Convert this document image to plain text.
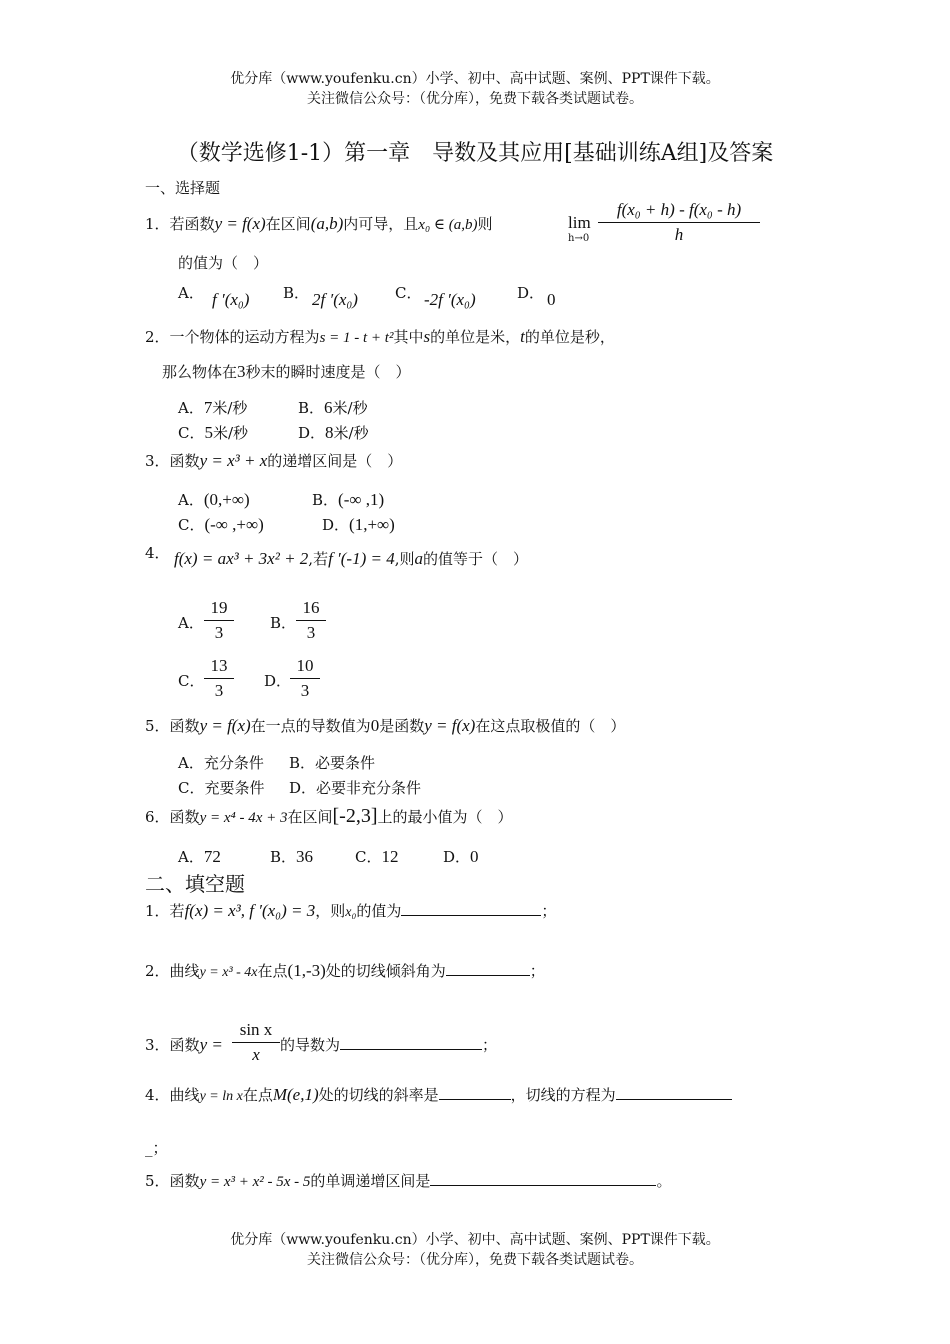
优分库（www.youfenku.cn）小学、初中、高中试题、案例、PPT课件下载。
关注微信公众号：（优分库），免费下载各类试题试卷。
（数学选修1-1）第一章　导数及其应用[基础训练A组]及答案
一、选择题
1．若函数y = f(x)在区间(a,b)内可导，且x₀ ∈ (a,b)则	lim
$h\to 0 \frac{\text{f(x₀ + h) - f(x₀ - h)}}{h}$
的值为（　）
A． f ′(x₀) B． 2f ′(x₀) C． -2f ′(x₀)	D． 0
2．一个物体的运动方程为s = 1 - t + t²其中s的单位是米，t的单位是秒，
那么物体在3秒末的瞬时速度是（　）
A．7米/秒	B．6米/秒
C．5米/秒	D．8米/秒
3．函数y = x³ + x的递增区间是（　）
A．(0,+∞)	B．(-∞ ,1)
C．(-∞ ,+∞)	D．(1,+∞)
4． f(x) = ax³ + 3x² + 2,若f ′(-1) = 4,则a的值等于（　）
A． $\frac{19}{3}$ B． $\frac{16}{3}$
C． $\frac{13}{3}$ D．
$\frac{10}{3}$
5．函数y = f(x)在一点的导数值为0是函数y = f(x)在这点取极值的（　）
A．充分条件 B．必要条件
C．充要条件 D．必要非充分条件
6．函数y = x⁴ - 4x + 3在区间[-2,3]上的最小值为（　）
A．72	B．36	C．12	D．0
二、填空题
1．若f(x) = x³, f ′(x₀) = 3，则x₀的值为	；
2．曲线y = x³ - 4x在点(1,-3)处的切线倾斜角为	；
3．函数$y = \frac{\text{sin x}}{x}$ 的导数为	；
4．曲线y = ln x在点M(e,1)处的切线的斜率是	，切线的方程为
_；
5．函数y = x³ + x² - 5x - 5的单调递增区间是	。
优分库（www.youfenku.cn）小学、初中、高中试题、案例、PPT课件下载。
关注微信公众号：（优分库），免费下载各类试题试卷。
